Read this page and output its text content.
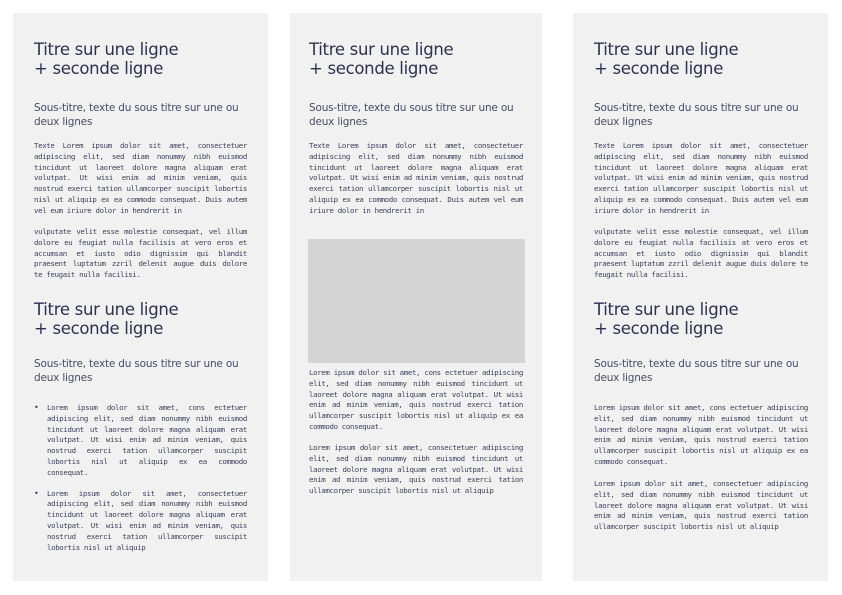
Titre sur une ligne

+ seconde ligne

Sous-titre, texte du sous titre sur une ou deux lignes

Texte Lorem ipsum dolor sit amet, consectetuer adipiscing elit, sed diam nonummy nibh euismod tincidunt ut laoreet dolore magna aliquam erat volutpat. Ut wisi enim ad minim veniam, quis nostrud exerci tation ullamcorper suscipit lobortis nisl ut aliquip ex ea commodo consequat. Duis autem vel eum iriure dolor in hendrerit in

vulputate velit esse molestie consequat, vel illum dolore eu feugiat nulla facilisis at vero eros et accumsan et iusto odio dignissim qui blandit praesent luptatum zzril delenit augue duis dolore te feugait nulla facilisi.

Titre sur une ligne

+ seconde ligne

Sous-titre, texte du sous titre sur une ou deux lignes

• Lorem ipsum dolor sit amet, cons ectetuer adipiscing elit, sed diam nonummy nibh euismod tincidunt ut laoreet dolore magna aliquam erat volutpat. Ut wisi enim ad minim veniam, quis nostrud exerci tation ullamcorper suscipit lobortis nisl ut aliquip ex ea commodo consequat.
• Lorem ipsum dolor sit amet, consectetuer adipiscing elit, sed diam nonummy nibh euismod tincidunt ut laoreet dolore magna aliquam erat volutpat. Ut wisi enim ad minim veniam, quis nostrud exerci tation ullamcorper suscipit lobortis nisl ut aliquip

Titre sur une ligne

+ seconde ligne

Sous-titre, texte du sous titre sur une ou deux lignes

Texte Lorem ipsum dolor sit amet, consectetuer adipiscing elit, sed diam nonummy nibh euismod tincidunt ut laoreet dolore magna aliquam erat volutpat. Ut wisi enim ad minim veniam, quis nostrud exerci tation ullamcorper suscipit lobortis nisl ut aliquip ex ea commodo consequat. Duis autem vel eum iriure dolor in hendrerit in

Lorem ipsum dolor sit amet, cons ectetuer adipiscing elit, sed diam nonummy nibh euismod tincidunt ut laoreet dolore magna aliquam erat volutpat. Ut wisi enim ad minim veniam, quis nostrud exerci tation ullamcorper suscipit lobortis nisl ut aliquip ex ea commodo consequat.

Lorem ipsum dolor sit amet, consectetuer adipiscing elit, sed diam nonummy nibh euismod tincidunt ut laoreet dolore magna aliquam erat volutpat. Ut wisi enim ad minim veniam, quis nostrud exerci tation ullamcorper suscipit lobortis nisl ut aliquip

Titre sur une ligne

+ seconde ligne

Sous-titre, texte du sous titre sur une ou deux lignes

Texte Lorem ipsum dolor sit amet, consectetuer adipiscing elit, sed diam nonummy nibh euismod tincidunt ut laoreet dolore magna aliquam erat volutpat. Ut wisi enim ad minim veniam, quis nostrud exerci tation ullamcorper suscipit lobortis nisl ut aliquip ex ea commodo consequat. Duis autem vel eum iriure dolor in hendrerit in

vulputate velit esse molestie consequat, vel illum dolore eu feugiat nulla facilisis at vero eros et accumsan et iusto odio dignissim qui blandit praesent luptatum zzril delenit augue duis dolore te feugait nulla facilisi.

Titre sur une ligne

+ seconde ligne

Sous-titre, texte du sous titre sur une ou deux lignes

Lorem ipsum dolor sit amet, cons ectetuer adipiscing elit, sed diam nonummy nibh euismod tincidunt ut laoreet dolore magna aliquam erat volutpat. Ut wisi enim ad minim veniam, quis nostrud exerci tation ullamcorper suscipit lobortis nisl ut aliquip ex ea commodo consequat.

Lorem ipsum dolor sit amet, consectetuer adipiscing elit, sed diam nonummy nibh euismod tincidunt ut laoreet dolore magna aliquam erat volutpat. Ut wisi enim ad minim veniam, quis nostrud exerci tation ullamcorper suscipit lobortis nisl ut aliquip
